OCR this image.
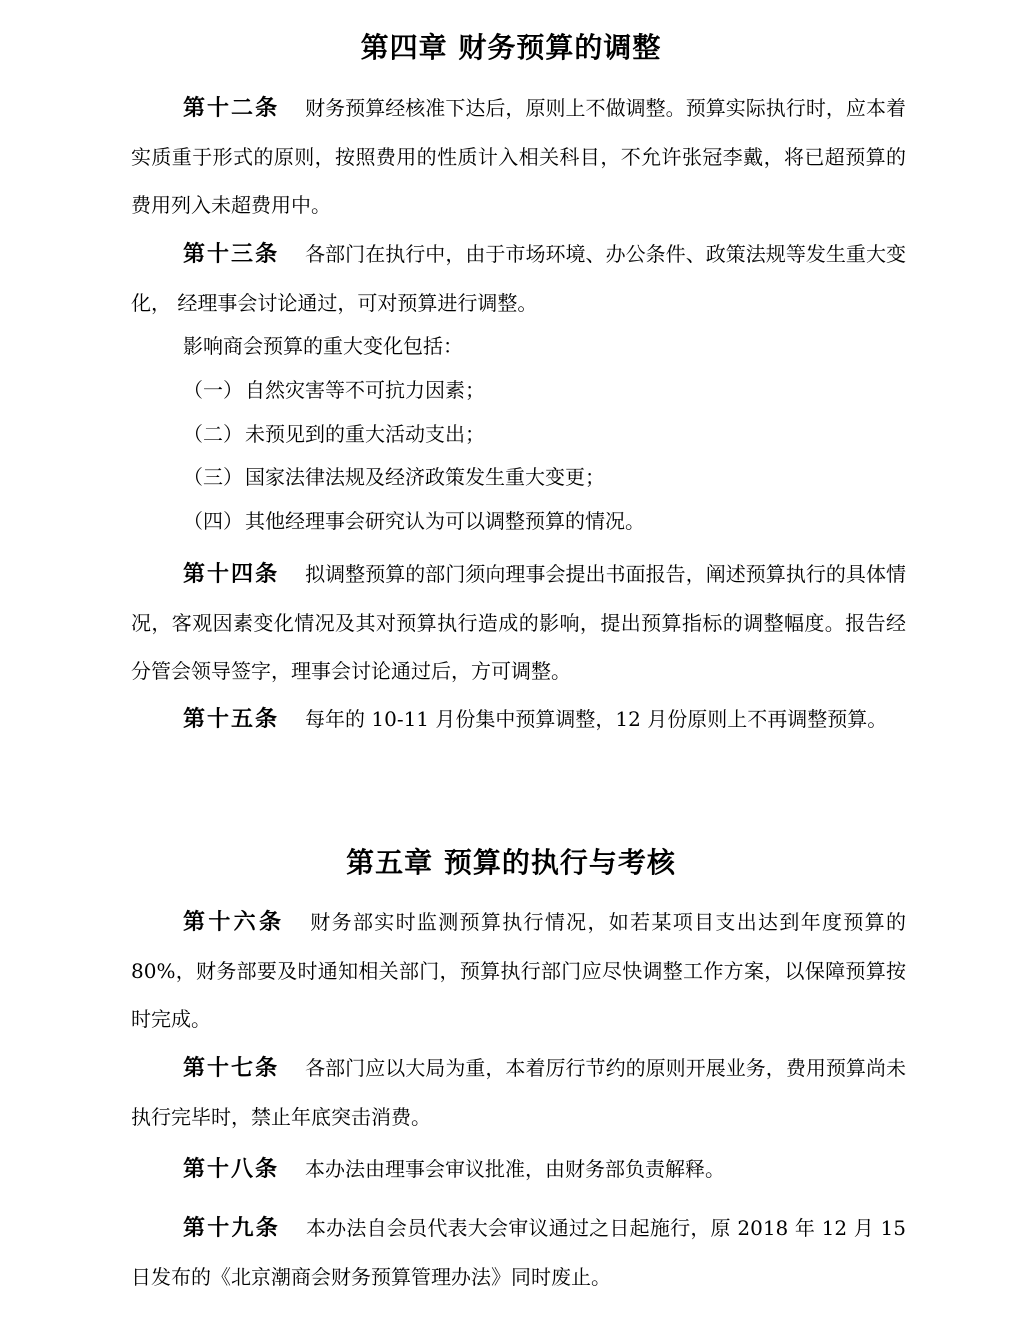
第四章 财务预算的调整

第十二条 财务预算经核准下达后，原则上不做调整。预算实际执行时，应本着实质重于形式的原则，按照费用的性质计入相关科目，不允许张冠李戴，将已超预算的费用列入未超费用中。

第十三条 各部门在执行中，由于市场环境、办公条件、政策法规等发生重大变化， 经理事会讨论通过，可对预算进行调整。

影响商会预算的重大变化包括：
（一） 自然灾害等不可抗力因素；
（二） 未预见到的重大活动支出；
（三） 国家法律法规及经济政策发生重大变更；
（四） 其他经理事会研究认为可以调整预算的情况。

第十四条 拟调整预算的部门须向理事会提出书面报告，阐述预算执行的具体情况，客观因素变化情况及其对预算执行造成的影响，提出预算指标的调整幅度。报告经分管会领导签字，理事会讨论通过后，方可调整。

第十五条 每年的 10-11 月份集中预算调整，12 月份原则上不再调整预算。

第五章 预算的执行与考核

第十六条 财务部实时监测预算执行情况，如若某项目支出达到年度预算的 80%，财务部要及时通知相关部门，预算执行部门应尽快调整工作方案，以保障预算按时完成。

第十七条 各部门应以大局为重，本着厉行节约的原则开展业务，费用预算尚未执行完毕时，禁止年底突击消费。

第十八条 本办法由理事会审议批准，由财务部负责解释。

第十九条 本办法自会员代表大会审议通过之日起施行，原 2018 年 12 月 15 日发布的《北京潮商会财务预算管理办法》同时废止。
